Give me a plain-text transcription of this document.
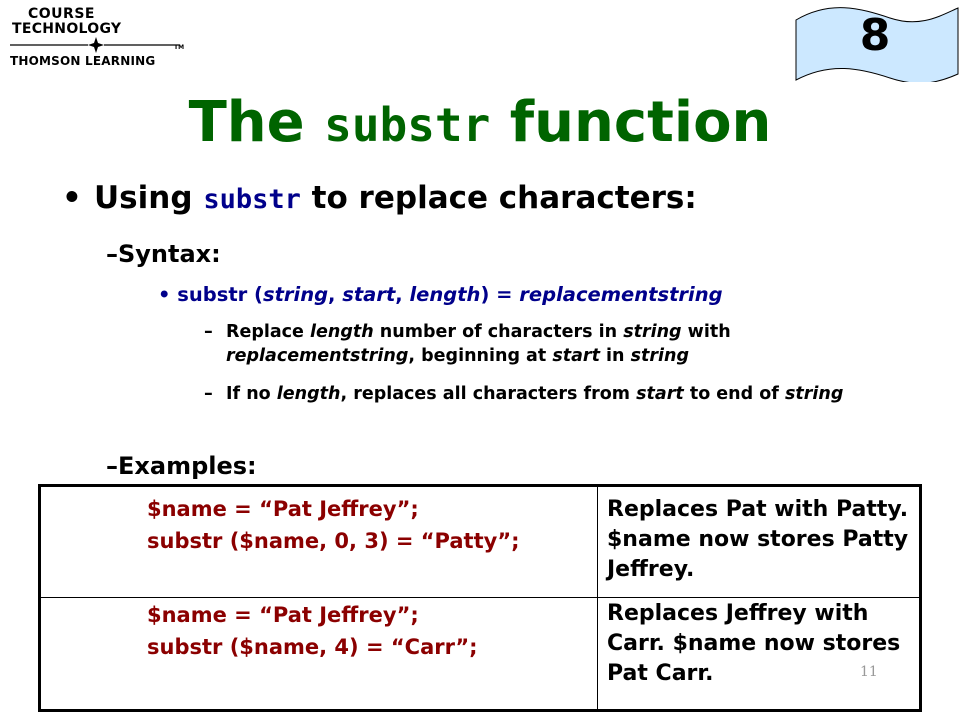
COURSE
TECHNOLOGY
TM
THOMSON LEARNING	8
The substr function
• Using substr to replace characters:
–Syntax:
• substr (string, start, length) = replacementstring
– Replace length number of characters in string with replacementstring, beginning at start in string
– If no length, replaces all characters from start to end of string
–Examples:
$name = “Pat Jeffrey”;
substr ($name, 0, 3) = “Patty”;
Replaces Pat with Patty. $name now stores Patty Jeffrey.
$name = “Pat Jeffrey”;
substr ($name, 4) = “Carr”;
Replaces Jeffrey with Carr. $name now stores Pat Carr.	11
